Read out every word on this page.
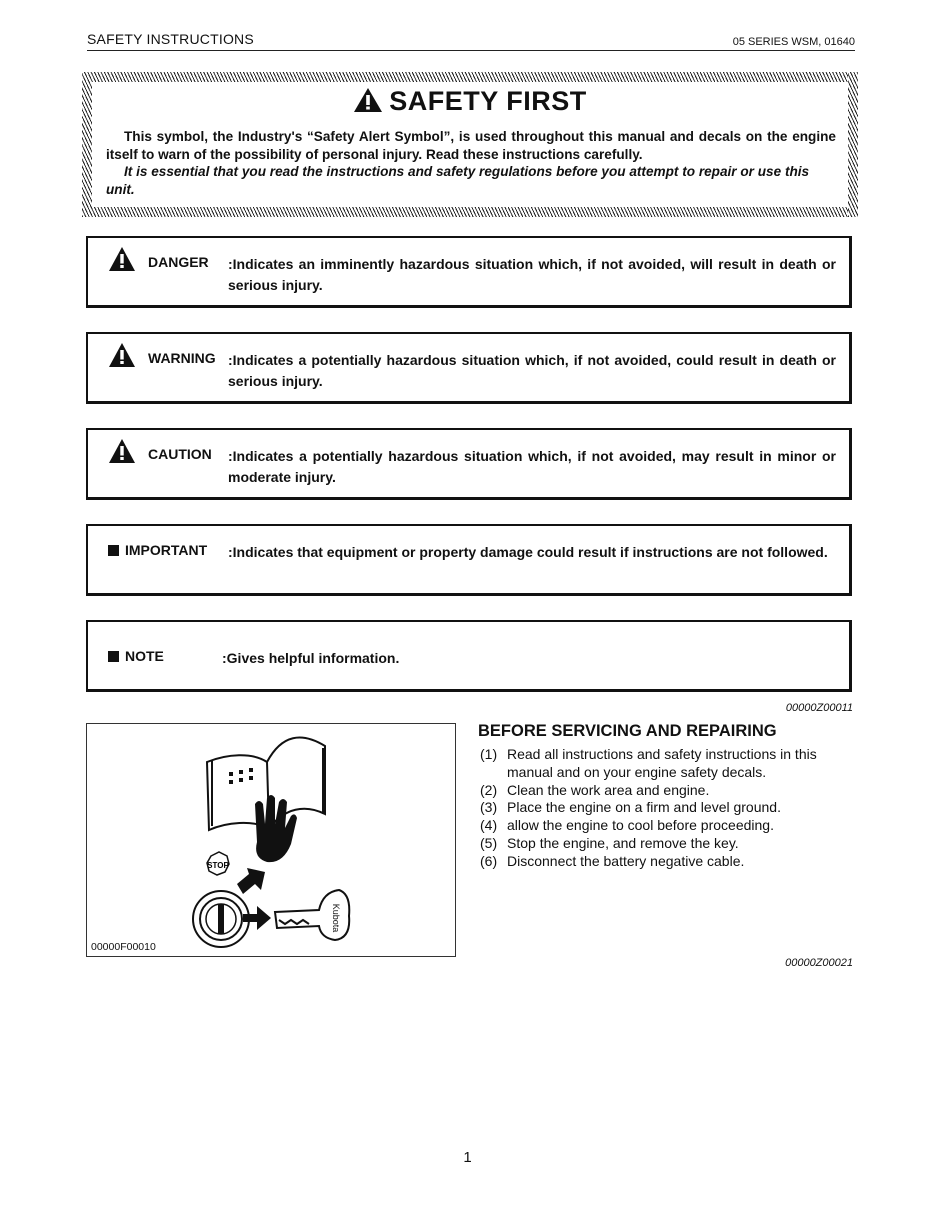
SAFETY INSTRUCTIONS	05 SERIES WSM, 01640
SAFETY FIRST
This symbol, the Industry's “Safety Alert Symbol”, is used throughout this manual and decals on the engine itself to warn of the possibility of personal injury. Read these instructions carefully.
It is essential that you read the instructions and safety regulations before you attempt to repair or use this unit.
DANGER :Indicates an imminently hazardous situation which, if not avoided, will result in death or serious injury.
WARNING :Indicates a potentially hazardous situation which, if not avoided, could result in death or serious injury.
CAUTION :Indicates a potentially hazardous situation which, if not avoided, may result in minor or moderate injury.
IMPORTANT :Indicates that equipment or property damage could result if instructions are not followed.
NOTE	:Gives helpful information.
00000Z00011
STOP
Kubota
00000F00010
BEFORE SERVICING AND REPAIRING
(1) Read all instructions and safety instructions in this manual and on your engine safety decals.
(2) Clean the work area and engine.
(3) Place the engine on a firm and level ground.
(4) allow the engine to cool before proceeding.
(5) Stop the engine, and remove the key.
(6) Disconnect the battery negative cable.
00000Z00021
1
